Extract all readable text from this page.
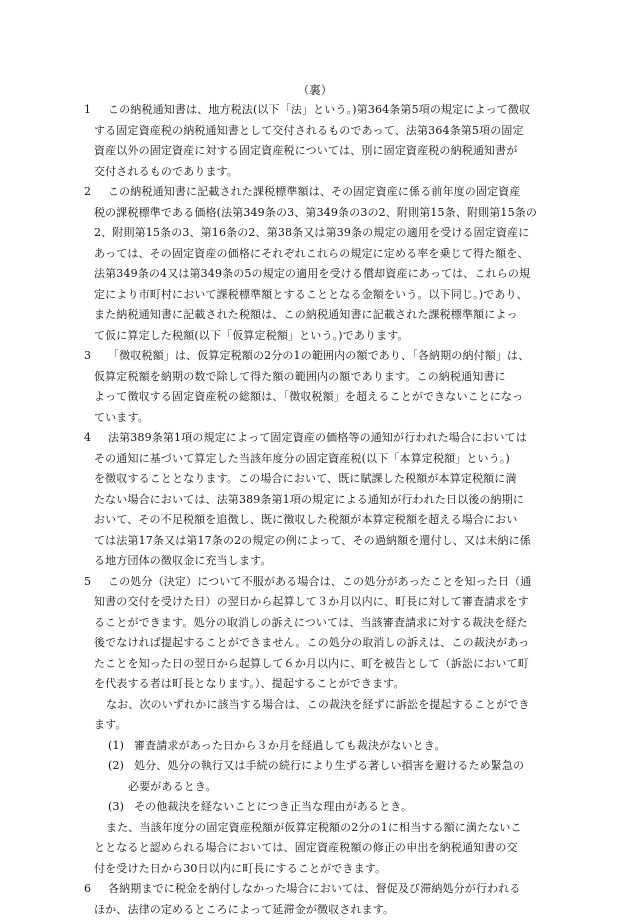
（裏）
1 この納税通知書は、地方税法(以下「法」という。)第364条第5項の規定によって徴収
する固定資産税の納税通知書として交付されるものであって、法第364条第5項の固定
資産以外の固定資産に対する固定資産税については、別に固定資産税の納税通知書が
交付されるものであります。
2 この納税通知書に記載された課税標準額は、その固定資産に係る前年度の固定資産
税の課税標準である価格(法第349条の3、第349条の3の2、附則第15条、附則第15条の
2、附則第15条の3、第16条の2、第38条又は第39条の規定の適用を受ける固定資産に
あっては、その固定資産の価格にそれぞれこれらの規定に定める率を乗じて得た額を、
法第349条の4又は第349条の5の規定の適用を受ける償却資産にあっては、これらの規
定により市町村において課税標準額とすることとなる金額をいう。以下同じ。)であり、
また納税通知書に記載された税額は、この納税通知書に記載された課税標準額によっ
て仮に算定した税額(以下「仮算定税額」という。)であります。
3 「徴収税額」は、仮算定税額の2分の1の範囲内の額であり、「各納期の納付額」は、
仮算定税額を納期の数で除して得た額の範囲内の額であります。この納税通知書に
よって徴収する固定資産税の総額は、「徴収税額」を超えることができないことになっ
ています。
4 法第389条第1項の規定によって固定資産の価格等の通知が行われた場合においては
その通知に基づいて算定した当該年度分の固定資産税(以下「本算定税額」という。)
を徴収することとなります。この場合において、既に賦課した税額が本算定税額に満
たない場合においては、法第389条第1項の規定による通知が行われた日以後の納期に
おいて、その不足税額を追徴し、既に徴収した税額が本算定税額を超える場合におい
ては法第17条又は第17条の2の規定の例によって、その過納額を還付し、又は未納に係
る地方団体の徴収金に充当します。
5 この処分（決定）について不服がある場合は、この処分があったことを知った日（通
知書の交付を受けた日）の翌日から起算して３か月以内に、町長に対して審査請求をす
ることができます。処分の取消しの訴えについては、当該審査請求に対する裁決を経た
後でなければ提起することができません。この処分の取消しの訴えは、この裁決があっ
たことを知った日の翌日から起算して６か月以内に、町を被告として（訴訟において町
を代表する者は町長となります。）、提起することができます。
なお、次のいずれかに該当する場合は、この裁決を経ずに訴訟を提起することができ
ます。
(1) 審査請求があった日から３か月を経過しても裁決がないとき。
(2) 処分、処分の執行又は手続の続行により生ずる著しい損害を避けるため緊急の
必要があるとき。
(3) その他裁決を経ないことにつき正当な理由があるとき。
また、当該年度分の固定資産税額が仮算定税額の2分の1に相当する額に満たないこ
ととなると認められる場合においては、固定資産税額の修正の申出を納税通知書の交
付を受けた日から30日以内に町長にすることができます。
6 各納期までに税金を納付しなかった場合においては、督促及び滞納処分が行われる
ほか、法律の定めるところによって延滞金が徴収されます。
